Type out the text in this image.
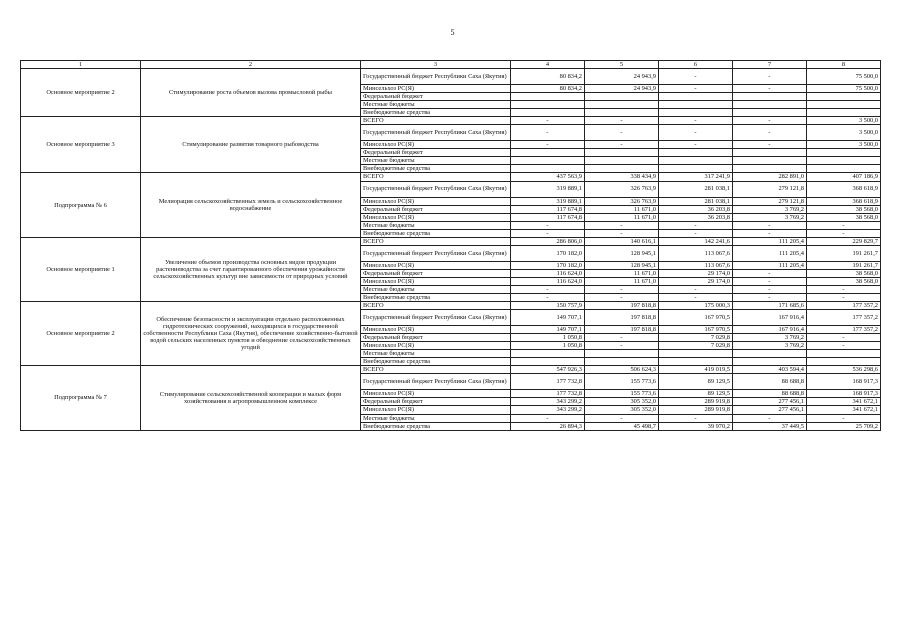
5
1	2	3	4	5	6	7	8
Основное мероприятие 2	Стимулирование роста объемов вылова промысловой рыбы	Государственный бюджет Республики Саха (Якутия)	80 834,2	24 943,9	-	-	75 500,0
		Минсельхоз РС(Я)	80 834,2	24 943,9	-	-	75 500,0
		Федеральный бюджет					
		Местные бюджеты					
		Внебюджетные средства					
Основное мероприятие 3	Стимулирование развития товарного рыбоводства	ВСЕГО	-	-	-	-	3 500,0
		Государственный бюджет Республики Саха (Якутия)	-	-	-	-	3 500,0
		Минсельхоз РС(Я)	-	-	-	-	3 500,0
		Федеральный бюджет					
		Местные бюджеты					
		Внебюджетные средства					
Подпрограмма № 6	Мелиорация сельскохозяйственных земель и сельскохозяйственное водоснабжение	ВСЕГО	437 563,9	338 434,9	317 241,9	282 891,0	407 186,9
		Государственный бюджет Республики Саха (Якутия)	319 889,1	326 763,9	281 038,1	279 121,8	368 618,9
		Минсельхоз РС(Я)	319 889,1	326 763,9	281 038,1	279 121,8	368 618,9
		Федеральный бюджет	117 674,8	11 671,0	36 203,8	3 769,2	38 568,0
		Минсельхоз РС(Я)	117 674,8	11 671,0	36 203,8	3 769,2	38 568,0
		Местные бюджеты	-	-	-	-	-
		Внебюджетные средства	-	-	-	-	-
Основное мероприятие 1	Увеличение объемов производства основных видов продукции растениеводства за счет гарантированного обеспечения урожайности сельскохозяйственных культур вне зависимости от природных условий	ВСЕГО	286 806,0	140 616,1	142 241,6	111 205,4	229 829,7
		Государственный бюджет Республики Саха (Якутия)	170 182,0	128 945,1	113 067,6	111 205,4	191 261,7
		Минсельхоз РС(Я)	170 182,0	128 945,1	113 067,6	111 205,4	191 261,7
		Федеральный бюджет	116 624,0	11 671,0	29 174,0	-	38 568,0
		Минсельхоз РС(Я)	116 624,0	11 671,0	29 174,0	-	38 568,0
		Местные бюджеты	-	-	-	-	-
		Внебюджетные средства	-	-	-	-	-
Основное мероприятие 2	Обеспечение безопасности и эксплуатации отдельно расположенных гидротехнических сооружений, находящихся в государственной собственности Республики Саха (Якутия), обеспечение хозяйственно-бытовой водой сельских населенных пунктов и обводнение сельскохозяйственных угодий	ВСЕГО	150 757,9	197 818,8	175 000,3	171 685,6	177 357,2
		Государственный бюджет Республики Саха (Якутия)	149 707,1	197 818,8	167 970,5	167 916,4	177 357,2
		Минсельхоз РС(Я)	149 707,1	197 818,8	167 970,5	167 916,4	177 357,2
		Федеральный бюджет	1 050,8	-	7 029,8	3 769,2	-
		Минсельхоз РС(Я)	1 050,8	-	7 029,8	3 769,2	-
		Местные бюджеты					
		Внебюджетные средства					
Подпрограмма № 7	Стимулирование сельскохозяйственной кооперации и малых форм хозяйствования в агропромышленном комплексе	ВСЕГО	547 926,3	506 624,3	419 019,5	403 594,4	536 298,6
		Государственный бюджет Республики Саха (Якутия)	177 732,8	155 773,6	89 129,5	88 688,8	168 917,3
		Минсельхоз РС(Я)	177 732,8	155 773,6	89 129,5	88 688,8	168 917,3
		Федеральный бюджет	343 299,2	305 352,0	289 919,8	277 456,1	341 672,1
		Минсельхоз РС(Я)	343 299,2	305 352,0	289 919,8	277 456,1	341 672,1
		Местные бюджеты	-	-	-	-	-
		Внебюджетные средства	26 894,3	45 498,7	39 970,2	37 449,5	25 709,2
